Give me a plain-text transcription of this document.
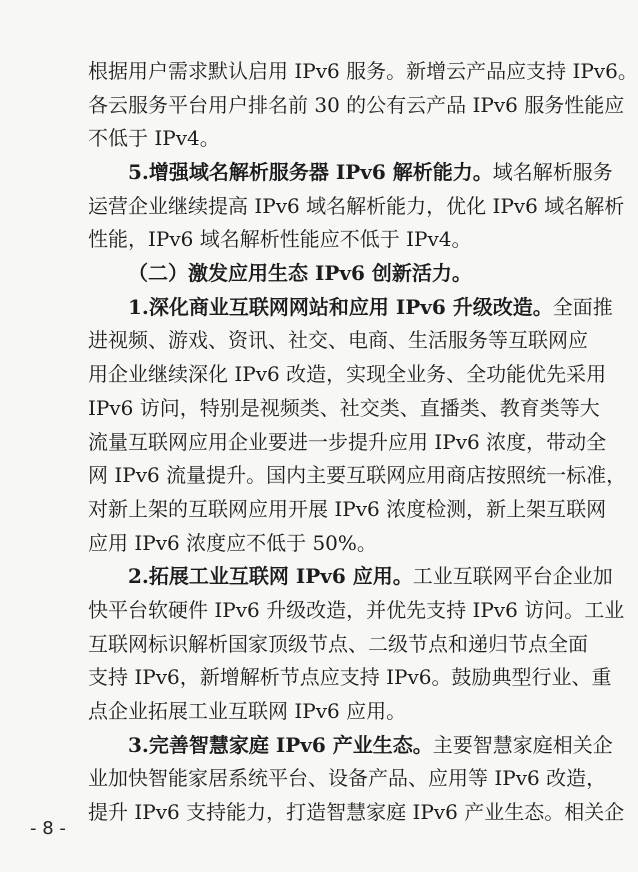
- 8 -
根据用户需求默认启用 IPv6 服务。新增云产品应支持 IPv6。
各云服务平台用户排名前 30 的公有云产品 IPv6 服务性能应
不低于 IPv4。
5.增强域名解析服务器 IPv6 解析能力。域名解析服务
运营企业继续提高 IPv6 域名解析能力，优化 IPv6 域名解析
性能，IPv6 域名解析性能应不低于 IPv4。
（二）激发应用生态 IPv6 创新活力。
1.深化商业互联网网站和应用 IPv6 升级改造。全面推
进视频、游戏、资讯、社交、电商、生活服务等互联网应
用企业继续深化 IPv6 改造，实现全业务、全功能优先采用
IPv6 访问，特别是视频类、社交类、直播类、教育类等大
流量互联网应用企业要进一步提升应用 IPv6 浓度，带动全
网 IPv6 流量提升。国内主要互联网应用商店按照统一标准，
对新上架的互联网应用开展 IPv6 浓度检测，新上架互联网
应用 IPv6 浓度应不低于 50%。
2.拓展工业互联网 IPv6 应用。工业互联网平台企业加
快平台软硬件 IPv6 升级改造，并优先支持 IPv6 访问。工业
互联网标识解析国家顶级节点、二级节点和递归节点全面
支持 IPv6，新增解析节点应支持 IPv6。鼓励典型行业、重
点企业拓展工业互联网 IPv6 应用。
3.完善智慧家庭 IPv6 产业生态。主要智慧家庭相关企
业加快智能家居系统平台、设备产品、应用等 IPv6 改造，
提升 IPv6 支持能力，打造智慧家庭 IPv6 产业生态。相关企
